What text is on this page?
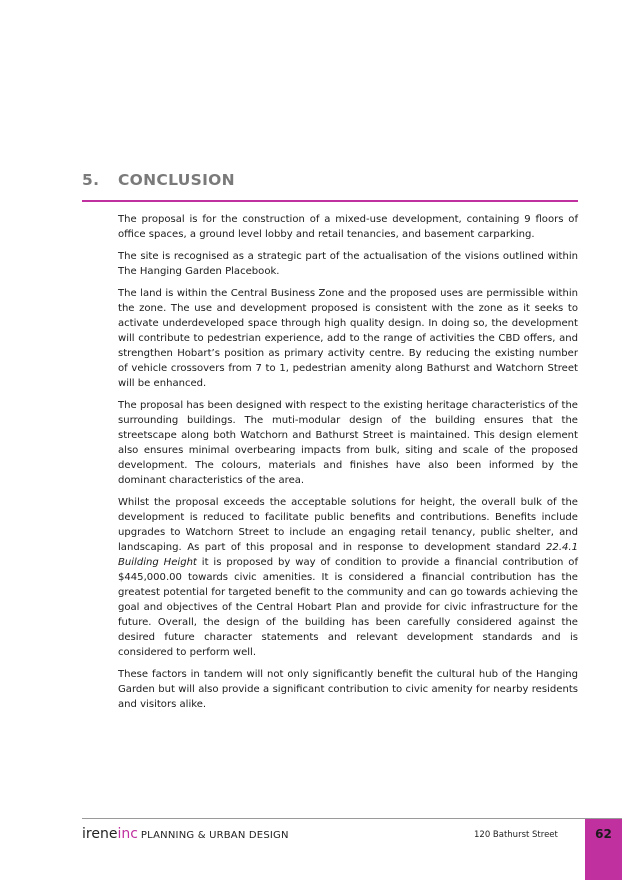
5. CONCLUSION

The proposal is for the construction of a mixed-use development, containing 9 floors of office spaces, a ground level lobby and retail tenancies, and basement carparking.

The site is recognised as a strategic part of the actualisation of the visions outlined within The Hanging Garden Placebook.

The land is within the Central Business Zone and the proposed uses are permissible within the zone. The use and development proposed is consistent with the zone as it seeks to activate underdeveloped space through high quality design. In doing so, the development will contribute to pedestrian experience, add to the range of activities the CBD offers, and strengthen Hobart’s position as primary activity centre. By reducing the existing number of vehicle crossovers from 7 to 1, pedestrian amenity along Bathurst and Watchorn Street will be enhanced.

The proposal has been designed with respect to the existing heritage characteristics of the surrounding buildings. The muti-modular design of the building ensures that the streetscape along both Watchorn and Bathurst Street is maintained. This design element also ensures minimal overbearing impacts from bulk, siting and scale of the proposed development. The colours, materials and finishes have also been informed by the dominant characteristics of the area.

Whilst the proposal exceeds the acceptable solutions for height, the overall bulk of the development is reduced to facilitate public benefits and contributions. Benefits include upgrades to Watchorn Street to include an engaging retail tenancy, public shelter, and landscaping. As part of this proposal and in response to development standard 22.4.1 Building Height it is proposed by way of condition to provide a financial contribution of $445,000.00 towards civic amenities. It is considered a financial contribution has the greatest potential for targeted benefit to the community and can go towards achieving the goal and objectives of the Central Hobart Plan and provide for civic infrastructure for the future. Overall, the design of the building has been carefully considered against the desired future character statements and relevant development standards and is considered to perform well.

These factors in tandem will not only significantly benefit the cultural hub of the Hanging Garden but will also provide a significant contribution to civic amenity for nearby residents and visitors alike.

ireneinc PLANNING & URBAN DESIGN	120 Bathurst Street	62
